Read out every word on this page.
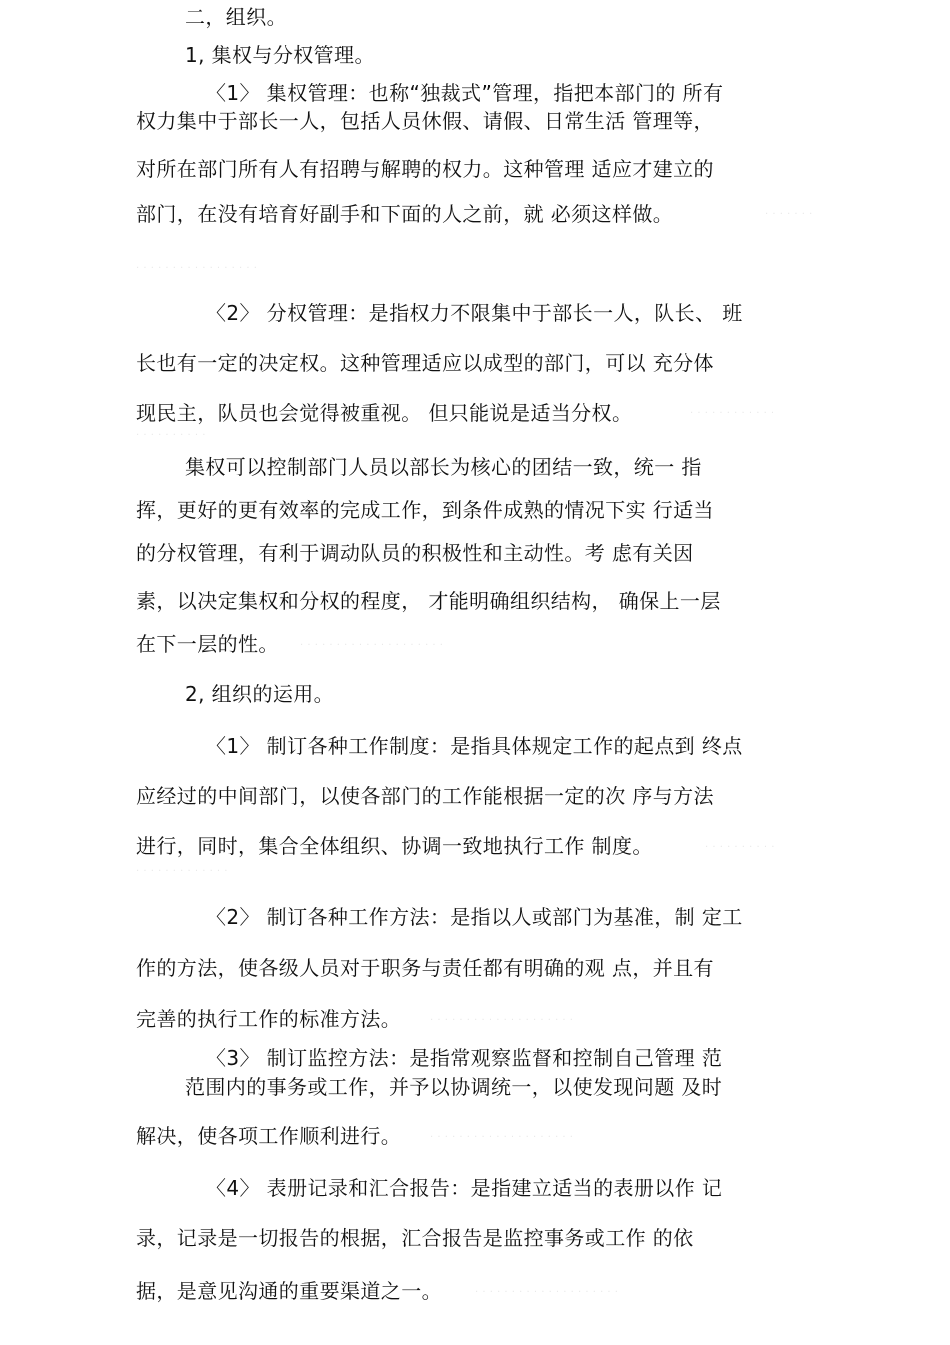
二，组织。
1, 集权与分权管理。
〈1〉 集权管理：也称“独裁式”管理，指把本部门的 所有
权力集中于部长一人，包括人员休假、请假、日常生活 管理等，
对所在部门所有人有招聘与解聘的权力。这种管理 适应才建立的
部门，在没有培育好副手和下面的人之前，就 必须这样做。	· · · · · · ·
· · · · · · · · · · · · · · · · ·
〈2〉 分权管理：是指权力不限集中于部长一人，队长、 班
长也有一定的决定权。这种管理适应以成型的部门，可以 充分体
现民主，队员也会觉得被重视。 但只能说是适当分权。	· · · · · · · · · · · ·
· · · · · · · · · ·
集权可以控制部门人员以部长为核心的团结一致，统一 指
挥，更好的更有效率的完成工作，到条件成熟的情况下实 行适当
的分权管理，有利于调动队员的积极性和主动性。考 虑有关因
素，以决定集权和分权的程度， 才能明确组织结构， 确保上一层
在下一层的性。 · · · · · · · · · · · · · · · · · · · ·
2, 组织的运用。
〈1〉 制订各种工作制度：是指具体规定工作的起点到 终点
应经过的中间部门，以使各部门的工作能根据一定的次 序与方法
进行，同时，集合全体组织、协调一致地执行工作 制度。	· · · · · · · · · ·
· · · · · · · · · · · · ·
〈2〉 制订各种工作方法：是指以人或部门为基准，制 定工
作的方法，使各级人员对于职务与责任都有明确的观 点，并且有
完善的执行工作的标准方法。	· · · · · · · · · · · · · · · · · · · ·
〈3〉 制订监控方法：是指常观察监督和控制自己管理 范
范围内的事务或工作，并予以协调统一，以使发现问题 及时
解决，使各项工作顺利进行。	· · · · · · · · · · · · · · · · · · · ·
〈4〉 表册记录和汇合报告：是指建立适当的表册以作 记
录，记录是一切报告的根据，汇合报告是监控事务或工作 的依
据，是意见沟通的重要渠道之一。	· · · · · · · · · · · · · · · · · · · ·
